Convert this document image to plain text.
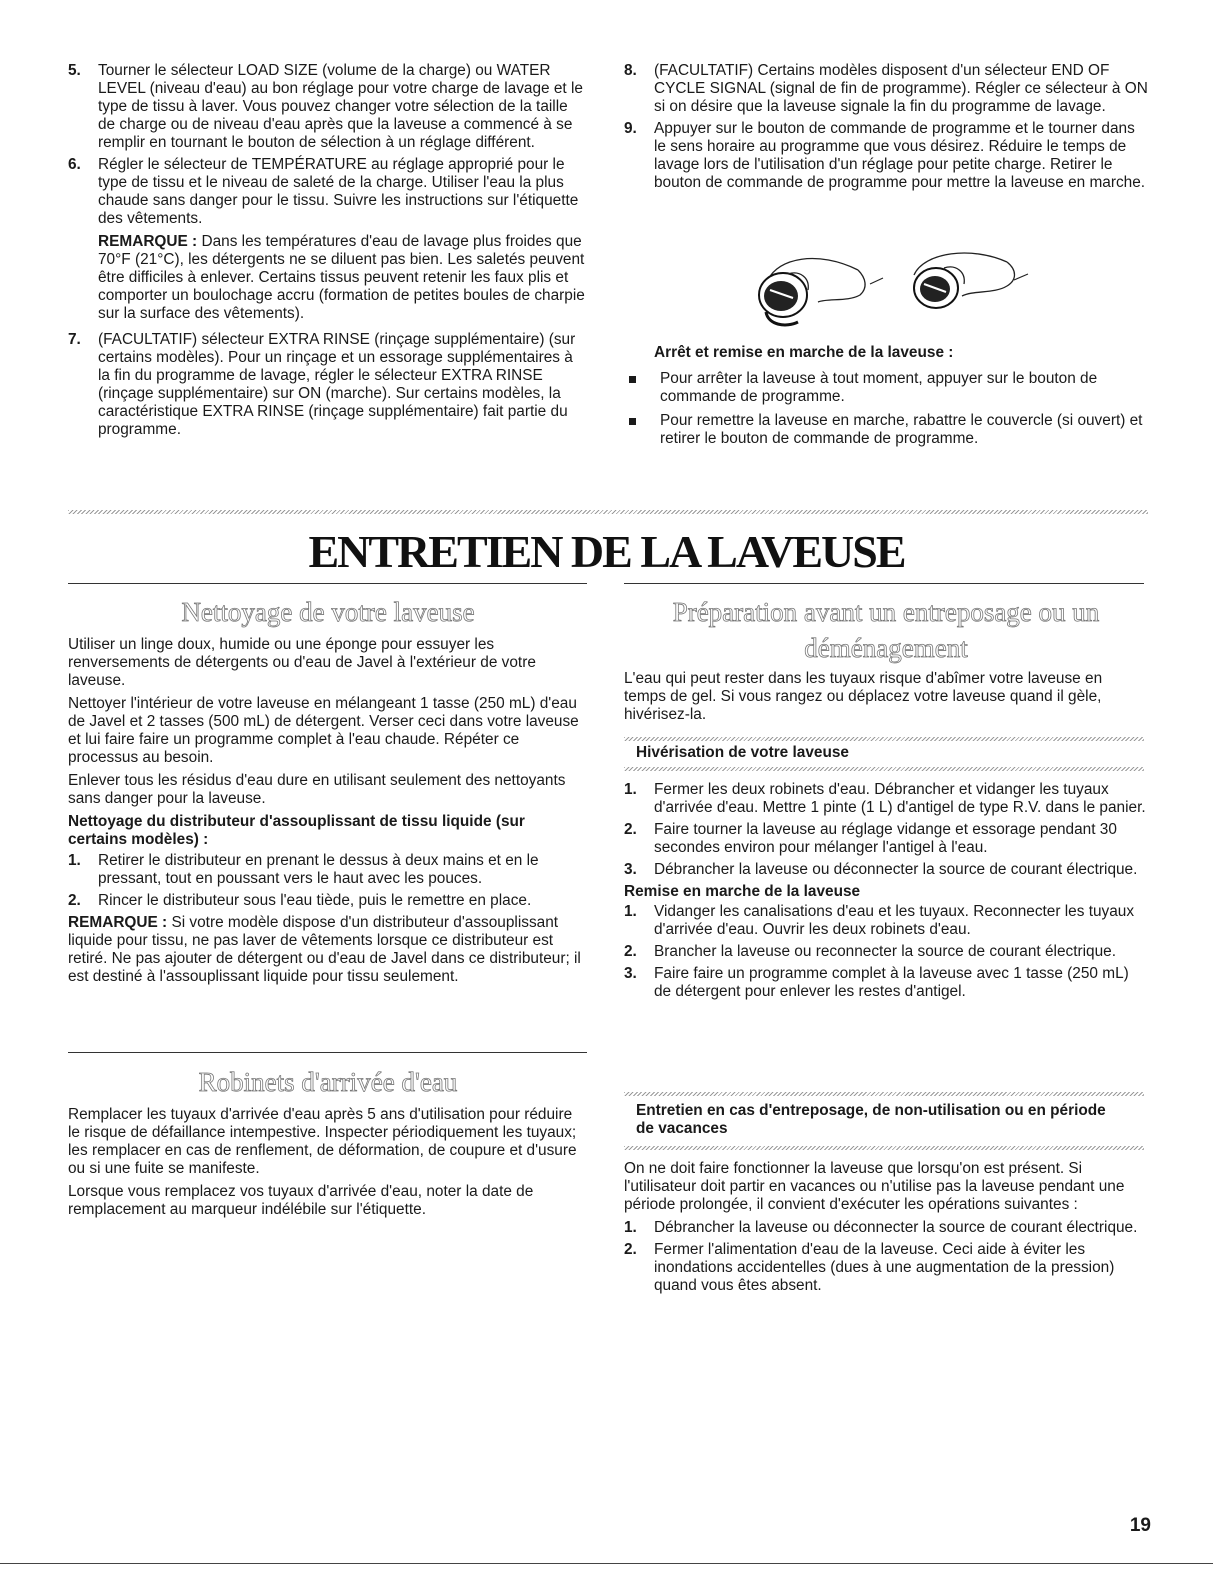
5. Tourner le sélecteur LOAD SIZE (volume de la charge) ou WATER LEVEL (niveau d'eau) au bon réglage pour votre charge de lavage et le type de tissu à laver. Vous pouvez changer votre sélection de la taille de charge ou de niveau d'eau après que la laveuse a commencé à se remplir en tournant le bouton de sélection à un réglage différent.

6. Régler le sélecteur de TEMPÉRATURE au réglage approprié pour le type de tissu et le niveau de saleté de la charge. Utiliser l'eau la plus chaude sans danger pour le tissu. Suivre les instructions sur l'étiquette des vêtements.

REMARQUE : Dans les températures d'eau de lavage plus froides que 70°F (21°C), les détergents ne se diluent pas bien. Les saletés peuvent être difficiles à enlever. Certains tissus peuvent retenir les faux plis et comporter un boulochage accru (formation de petites boules de charpie sur la surface des vêtements).

7. (FACULTATIF) sélecteur EXTRA RINSE (rinçage supplémentaire) (sur certains modèles). Pour un rinçage et un essorage supplémentaires à la fin du programme de lavage, régler le sélecteur EXTRA RINSE (rinçage supplémentaire) sur ON (marche). Sur certains modèles, la caractéristique EXTRA RINSE (rinçage supplémentaire) fait partie du programme.

8. (FACULTATIF) Certains modèles disposent d'un sélecteur END OF CYCLE SIGNAL (signal de fin de programme). Régler ce sélecteur à ON si on désire que la laveuse signale la fin du programme de lavage.

9. Appuyer sur le bouton de commande de programme et le tourner dans le sens horaire au programme que vous désirez. Réduire le temps de lavage lors de l'utilisation d'un réglage pour petite charge. Retirer le bouton de commande de programme pour mettre la laveuse en marche.

Arrêt et remise en marche de la laveuse :

Pour arrêter la laveuse à tout moment, appuyer sur le bouton de commande de programme.

Pour remettre la laveuse en marche, rabattre le couvercle (si ouvert) et retirer le bouton de commande de programme.

ENTRETIEN DE LA LAVEUSE
Nettoyage de votre laveuse

Utiliser un linge doux, humide ou une éponge pour essuyer les renversements de détergents ou d'eau de Javel à l'extérieur de votre laveuse.

Nettoyer l'intérieur de votre laveuse en mélangeant 1 tasse (250 mL) d'eau de Javel et 2 tasses (500 mL) de détergent. Verser ceci dans votre laveuse et lui faire faire un programme complet à l'eau chaude. Répéter ce processus au besoin.

Enlever tous les résidus d'eau dure en utilisant seulement des nettoyants sans danger pour la laveuse.

Nettoyage du distributeur d'assouplissant de tissu liquide (sur certains modèles) :

1. Retirer le distributeur en prenant le dessus à deux mains et en le pressant, tout en poussant vers le haut avec les pouces.

2. Rincer le distributeur sous l'eau tiède, puis le remettre en place.

REMARQUE : Si votre modèle dispose d'un distributeur d'assouplissant liquide pour tissu, ne pas laver de vêtements lorsque ce distributeur est retiré. Ne pas ajouter de détergent ou d'eau de Javel dans ce distributeur; il est destiné à l'assouplissant liquide pour tissu seulement.

Robinets d'arrivée d'eau

Remplacer les tuyaux d'arrivée d'eau après 5 ans d'utilisation pour réduire le risque de défaillance intempestive. Inspecter périodiquement les tuyaux; les remplacer en cas de renflement, de déformation, de coupure et d'usure ou si une fuite se manifeste.

Lorsque vous remplacez vos tuyaux d'arrivée d'eau, noter la date de remplacement au marqueur indélébile sur l'étiquette.

Préparation avant un entreposage ou un
déménagement

L'eau qui peut rester dans les tuyaux risque d'abîmer votre laveuse en temps de gel. Si vous rangez ou déplacez votre laveuse quand il gèle, hivérisez-la.

Hivérisation de votre laveuse

1. Fermer les deux robinets d'eau. Débrancher et vidanger les tuyaux d'arrivée d'eau. Mettre 1 pinte (1 L) d'antigel de type R.V. dans le panier.

2. Faire tourner la laveuse au réglage vidange et essorage pendant 30 secondes environ pour mélanger l'antigel à l'eau.

3. Débrancher la laveuse ou déconnecter la source de courant électrique.

Remise en marche de la laveuse

1. Vidanger les canalisations d'eau et les tuyaux. Reconnecter les tuyaux d'arrivée d'eau. Ouvrir les deux robinets d'eau.

2. Brancher la laveuse ou reconnecter la source de courant électrique.

3. Faire faire un programme complet à la laveuse avec 1 tasse (250 mL) de détergent pour enlever les restes d'antigel.

Entretien en cas d'entreposage, de non-utilisation ou en période de vacances

On ne doit faire fonctionner la laveuse que lorsqu'on est présent. Si l'utilisateur doit partir en vacances ou n'utilise pas la laveuse pendant une période prolongée, il convient d'exécuter les opérations suivantes :

1. Débrancher la laveuse ou déconnecter la source de courant électrique.

2. Fermer l'alimentation d'eau de la laveuse. Ceci aide à éviter les inondations accidentelles (dues à une augmentation de la pression) quand vous êtes absent.

19
